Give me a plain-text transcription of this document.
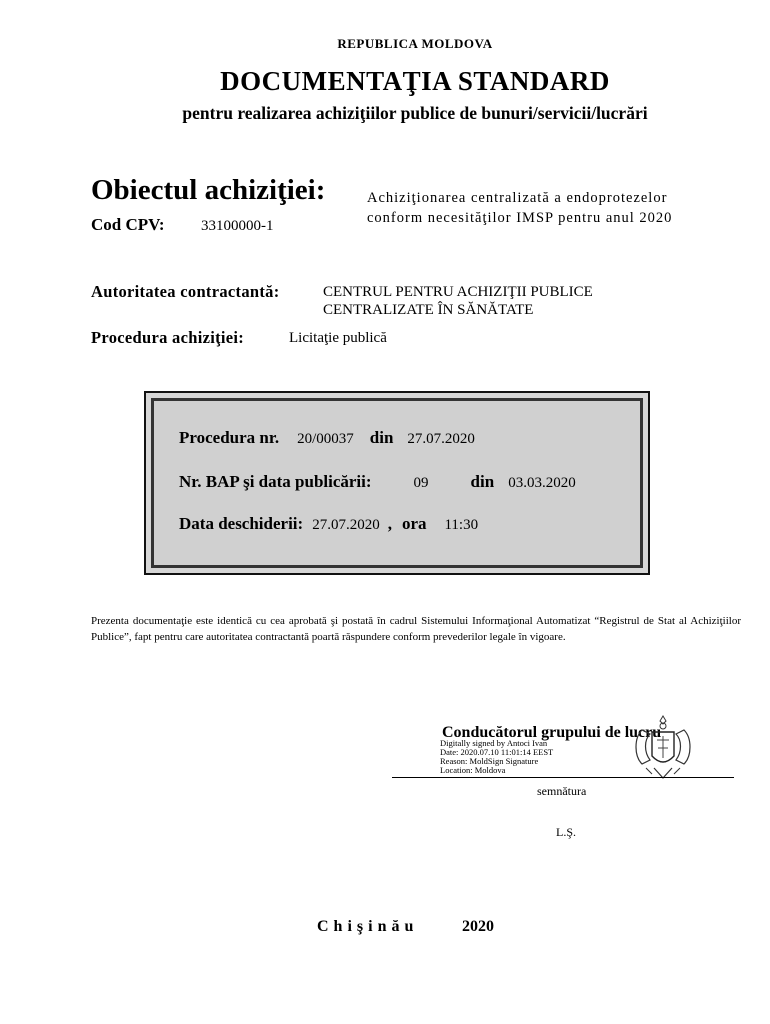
REPUBLICA MOLDOVA
DOCUMENTAŢIA STANDARD
pentru realizarea achiziţiilor publice de bunuri/servicii/lucrări
Obiectul achiziţiei:	Achiziţionarea centralizată a endoprotezelor
conform necesităţilor IMSP pentru anul 2020
Cod CPV: 33100000-1
Autoritatea contractantă:	CENTRUL PENTRU ACHIZIŢII PUBLICE
CENTRALIZATE ÎN SĂNĂTATE
Procedura achiziţiei:	Licitaţie publică
Procedura nr. 20/00037 din 27.07.2020
Nr. BAP şi data publicării:	09 din 03.03.2020
Data deschiderii: 27.07.2020 , ora 11:30
Prezenta documentaţie este identică cu cea aprobată şi postată în cadrul Sistemului Informaţional Automatizat “Registrul de Stat al Achiziţiilor Publice”, fapt pentru care autoritatea contractantă poartă răspundere conform prevederilor legale în vigoare.
Conducătorul grupului de lucru
Digitally signed by Antoci Ivan
Date: 2020.07.10 11:01:14 EEST
Reason: MoldSign Signature
Location: Moldova
semnătura
L.Ş.
Chişinău	2020
